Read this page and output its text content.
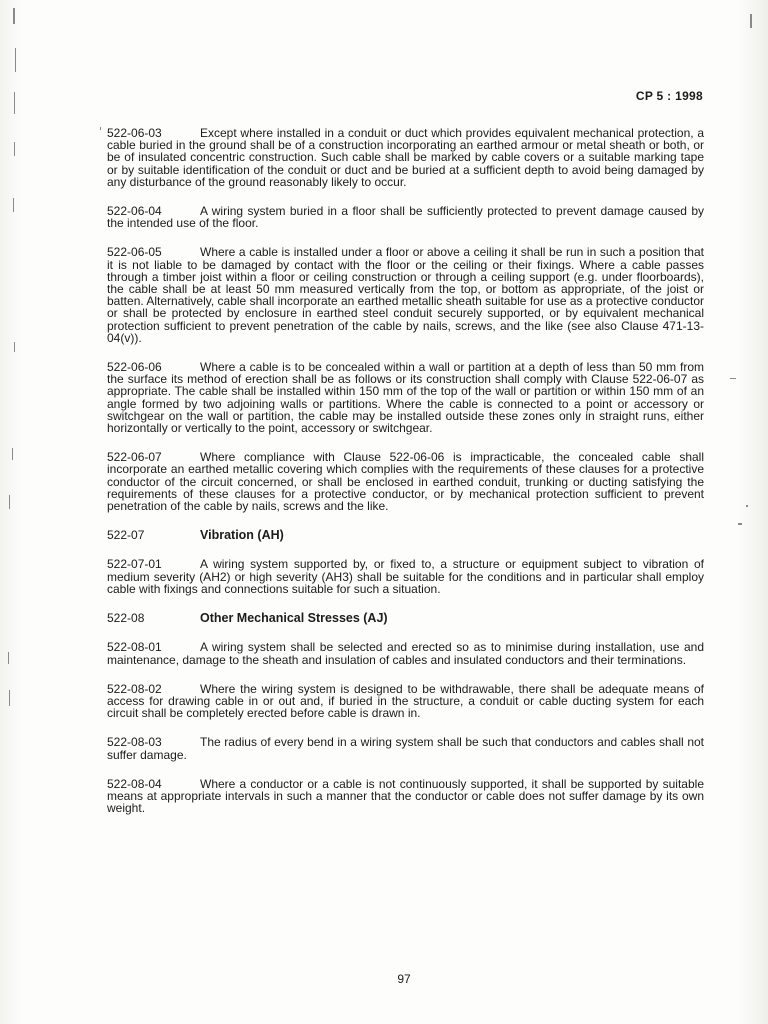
CP 5 : 1998

522-06-03	Except where installed in a conduit or duct which provides equivalent mechanical protection, a cable buried in the ground shall be of a construction incorporating an earthed armour or metal sheath or both, or be of insulated concentric construction. Such cable shall be marked by cable covers or a suitable marking tape or by suitable identification of the conduit or duct and be buried at a sufficient depth to avoid being damaged by any disturbance of the ground reasonably likely to occur.

522-06-04	A wiring system buried in a floor shall be sufficiently protected to prevent damage caused by the intended use of the floor.

522-06-05	Where a cable is installed under a floor or above a ceiling it shall be run in such a position that it is not liable to be damaged by contact with the floor or the ceiling or their fixings. Where a cable passes through a timber joist within a floor or ceiling construction or through a ceiling support (e.g. under floorboards), the cable shall be at least 50 mm measured vertically from the top, or bottom as appropriate, of the joist or batten. Alternatively, cable shall incorporate an earthed metallic sheath suitable for use as a protective conductor or shall be protected by enclosure in earthed steel conduit securely supported, or by equivalent mechanical protection sufficient to prevent penetration of the cable by nails, screws, and the like (see also Clause 471-13-04(v)).

522-06-06	Where a cable is to be concealed within a wall or partition at a depth of less than 50 mm from the surface its method of erection shall be as follows or its construction shall comply with Clause 522-06-07 as appropriate. The cable shall be installed within 150 mm of the top of the wall or partition or within 150 mm of an angle formed by two adjoining walls or partitions. Where the cable is connected to a point or accessory or switchgear on the wall or partition, the cable may be installed outside these zones only in straight runs, either horizontally or vertically to the point, accessory or switchgear.

522-06-07	Where compliance with Clause 522-06-06 is impracticable, the concealed cable shall incorporate an earthed metallic covering which complies with the requirements of these clauses for a protective conductor of the circuit concerned, or shall be enclosed in earthed conduit, trunking or ducting satisfying the requirements of these clauses for a protective conductor, or by mechanical protection sufficient to prevent penetration of the cable by nails, screws and the like.

522-07	Vibration (AH)

522-07-01	A wiring system supported by, or fixed to, a structure or equipment subject to vibration of medium severity (AH2) or high severity (AH3) shall be suitable for the conditions and in particular shall employ cable with fixings and connections suitable for such a situation.

522-08	Other Mechanical Stresses (AJ)

522-08-01	A wiring system shall be selected and erected so as to minimise during installation, use and maintenance, damage to the sheath and insulation of cables and insulated conductors and their terminations.

522-08-02	Where the wiring system is designed to be withdrawable, there shall be adequate means of access for drawing cable in or out and, if buried in the structure, a conduit or cable ducting system for each circuit shall be completely erected before cable is drawn in.

522-08-03	The radius of every bend in a wiring system shall be such that conductors and cables shall not suffer damage.

522-08-04	Where a conductor or a cable is not continuously supported, it shall be supported by suitable means at appropriate intervals in such a manner that the conductor or cable does not suffer damage by its own weight.

97
